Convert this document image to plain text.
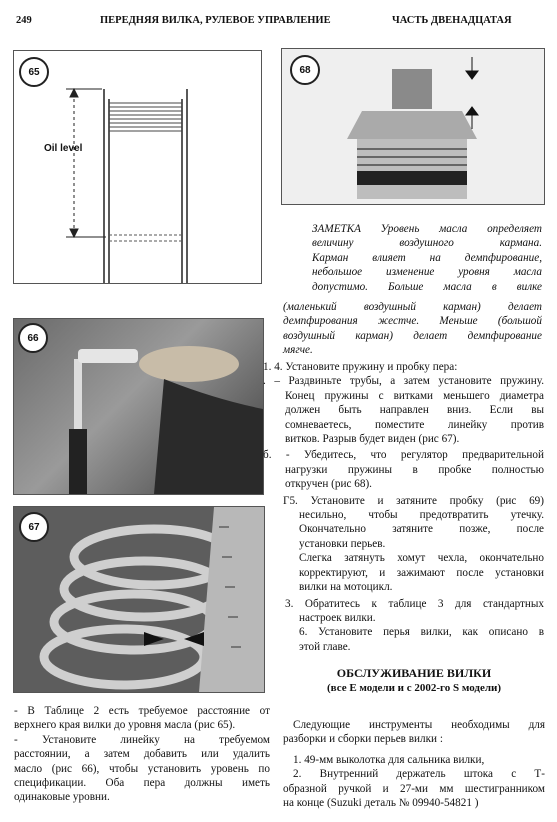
249	ПЕРЕДНЯЯ ВИЛКА, РУЛЕВОЕ УПРАВЛЕНИЕ	ЧАСТЬ ДВЕНАДЦАТАЯ
65
Oil level
66
67
68

ЗАМЕТКА Уровень масла определяет

величину воздушного кармана.

Карман влияет на демпфирование,

небольшое изменение уровня масла

допустимо. Больше масла в вилке

(маленький воздушный карман) делает

демпфирования жестче. Меньше (большой

воздушный карман) делает демпфирование

мягче.

1. 4. Установите пружину и пробку пера:

. – Раздвиньте трубы, а затем установите пружину.

Конец пружины с витками меньшего диаметра

должен быть направлен вниз. Если вы

сомневаетесь, поместите линейку против

витков. Разрыв будет виден (рис 67).

б. - Убедитесь, что регулятор предварительной

нагрузки пружины в пробке полностью

откручен (рис 68).

Г5. Установите и затяните пробку (рис 69)

несильно, чтобы предотвратить утечку.

Окончательно затяните позже, после

установки перьев.

Слегка затянуть хомут чехла, окончательно

корректируют, и зажимают после установки

вилки на мотоцикл.

3. Обратитесь к таблице 3 для стандартных

настроек вилки.

6. Установите перья вилки, как описано в

этой главе.

ОБСЛУЖИВАНИЕ ВИЛКИ

(все E модели и с 2002-го S модели)

- В Таблице 2 есть требуемое расстояние от

верхнего края вилки до уровня масла (рис 65).

- Установите линейку на требуемом

расстоянии, а затем добавить или удалить

масло (рис 66), чтобы установить уровень по

спецификации. Оба пера должны иметь

одинаковые уровни.

Следующие инструменты необходимы для

разборки и сборки перьев вилки :

1. 49-мм выколотка для сальника вилки,

2. Внутренний держатель штока с Т-

образной ручкой и 27-ми мм шестигранником

на конце (Suzuki деталь № 09940-54821 )
